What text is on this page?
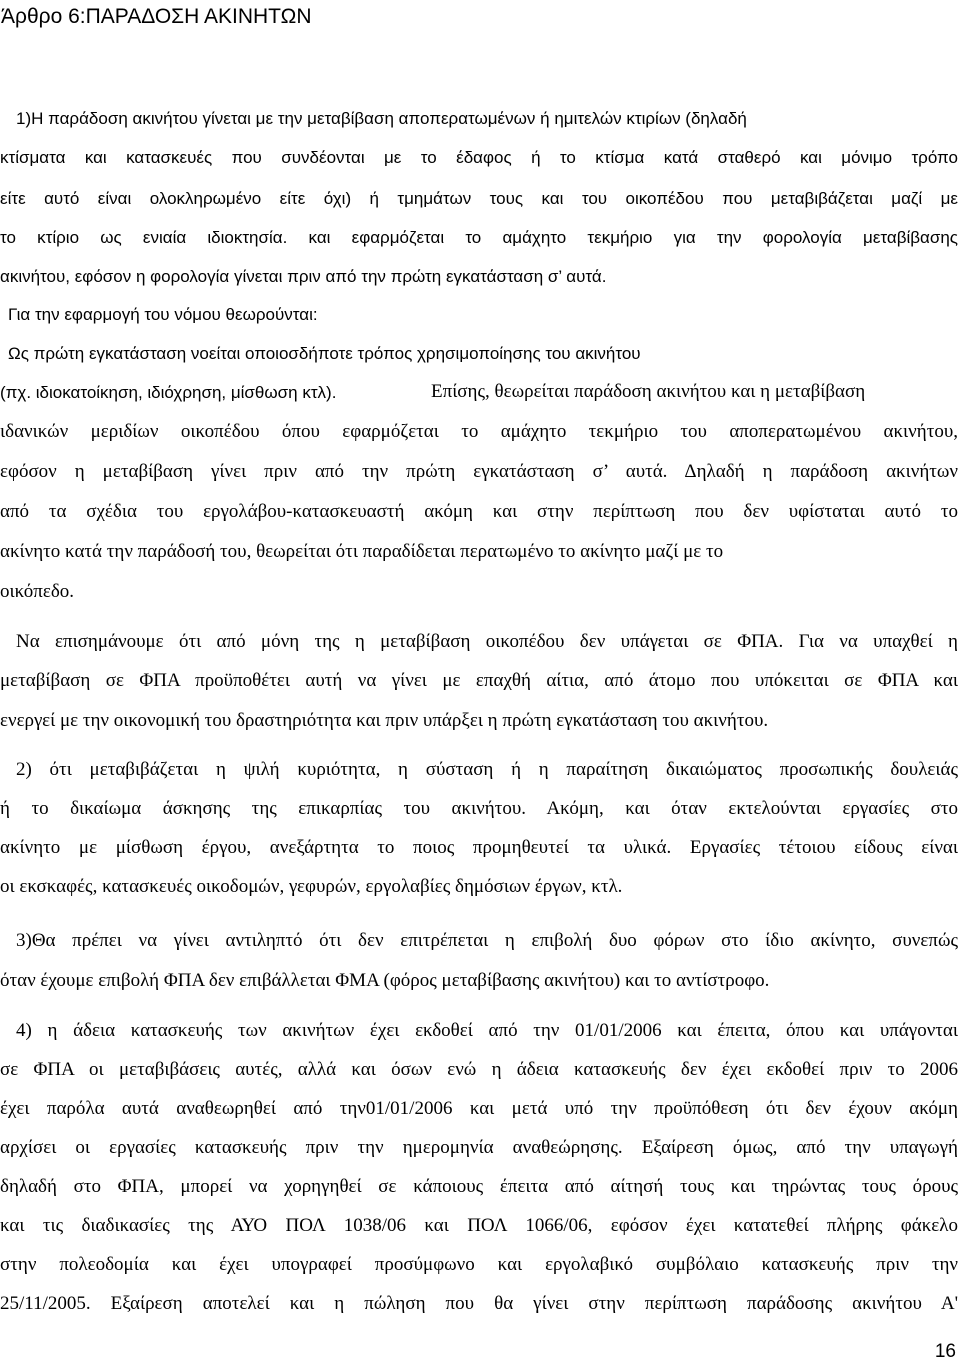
Άρθρο 6:ΠΑΡΑΔΟΣΗ ΑΚΙΝΗΤΩΝ
1)Η παράδοση ακινήτου γίνεται με την μεταβίβαση αποπερατωμένων ή ημιτελών κτιρίων (δηλαδή
κτίσματα και κατασκευές που συνδέονται με το έδαφος ή το κτίσμα κατά σταθερό και μόνιμο τρόπο
είτε αυτό είναι ολοκληρωμένο είτε όχι) ή τμημάτων τους και του οικοπέδου που μεταβιβάζεται μαζί με
το κτίριο ως ενιαία ιδιοκτησία. και εφαρμόζεται το αμάχητο τεκμήριο για την φορολογία μεταβίβασης
ακινήτου, εφόσον η φορολογία γίνεται πριν από την πρώτη εγκατάσταση σ’ αυτά.
Για την εφαρμογή του νόμου θεωρούνται:
Ως πρώτη εγκατάσταση νοείται οποιοσδήποτε τρόπος χρησιμοποίησης του ακινήτου
(πχ. ιδιοκατοίκηση, ιδιόχρηση, μίσθωση κτλ).	Επίσης, θεωρείται παράδοση ακινήτου και η μεταβίβαση
ιδανικών μεριδίων οικοπέδου όπου εφαρμόζεται το αμάχητο τεκμήριο του αποπερατωμένου ακινήτου,
εφόσον η μεταβίβαση γίνει πριν από την πρώτη εγκατάσταση σ’ αυτά. Δηλαδή η παράδοση ακινήτων
από τα σχέδια του εργολάβου-κατασκευαστή ακόμη και στην περίπτωση που δεν υφίσταται αυτό το
ακίνητο κατά την παράδοσή του, θεωρείται ότι παραδίδεται περατωμένο το ακίνητο μαζί με το
οικόπεδο.
Να επισημάνουμε ότι από μόνη της η μεταβίβαση οικοπέδου δεν υπάγεται σε ΦΠΑ. Για να υπαχθεί η
μεταβίβαση σε ΦΠΑ προϋποθέτει αυτή να γίνει με επαχθή αίτια, από άτομο που υπόκειται σε ΦΠΑ και
ενεργεί με την οικονομική του δραστηριότητα και πριν υπάρξει η πρώτη εγκατάσταση του ακινήτου.
2) ότι μεταβιβάζεται η ψιλή κυριότητα, η σύσταση ή η παραίτηση δικαιώματος προσωπικής δουλειάς
ή το δικαίωμα άσκησης της επικαρπίας του ακινήτου. Ακόμη, και όταν εκτελούνται εργασίες στο
ακίνητο με μίσθωση έργου, ανεξάρτητα το ποιος προμηθευτεί τα υλικά. Εργασίες τέτοιου είδους είναι
οι εκσκαφές, κατασκευές οικοδομών, γεφυρών, εργολαβίες δημόσιων έργων, κτλ.
3)Θα πρέπει να γίνει αντιληπτό ότι δεν επιτρέπεται η επιβολή δυο φόρων στο ίδιο ακίνητο, συνεπώς
όταν έχουμε επιβολή ΦΠΑ δεν επιβάλλεται ΦΜΑ (φόρος μεταβίβασης ακινήτου) και το αντίστροφο.
4) η άδεια κατασκευής των ακινήτων έχει εκδοθεί από την 01/01/2006 και έπειτα, όπου και υπάγονται
σε ΦΠΑ οι μεταβιβάσεις αυτές, αλλά και όσων ενώ η άδεια κατασκευής δεν έχει εκδοθεί πριν το 2006
έχει παρόλα αυτά αναθεωρηθεί από την01/01/2006 και μετά υπό την προϋπόθεση ότι δεν έχουν ακόμη
αρχίσει οι εργασίες κατασκευής πριν την ημερομηνία αναθεώρησης. Εξαίρεση όμως, από την υπαγωγή
δηλαδή στο ΦΠΑ, μπορεί να χορηγηθεί σε κάποιους έπειτα από αίτησή τους και τηρώντας τους όρους
και τις διαδικασίες της ΑΥΟ ΠΟΛ 1038/06 και ΠΟΛ 1066/06, εφόσον έχει κατατεθεί πλήρης φάκελο
στην πολεοδομία και έχει υπογραφεί προσύμφωνο και εργολαβικό συμβόλαιο κατασκευής πριν την
25/11/2005. Εξαίρεση αποτελεί και η πώληση που θα γίνει στην περίπτωση παράδοσης ακινήτου Α'
16
